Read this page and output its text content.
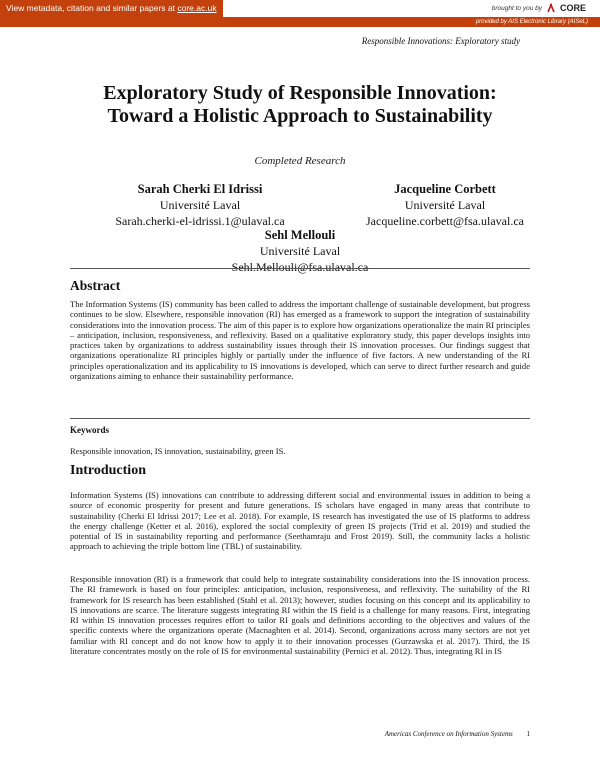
View metadata, citation and similar papers at core.ac.uk	brought to you by CORE
provided by AIS Electronic Library (AISeL)
Responsible Innovations: Exploratory study
Exploratory Study of Responsible Innovation: Toward a Holistic Approach to Sustainability
Completed Research
Sarah Cherki El Idrissi
Université Laval
Sarah.cherki-el-idrissi.1@ulaval.ca
Jacqueline Corbett
Université Laval
Jacqueline.corbett@fsa.ulaval.ca
Sehl Mellouli
Université Laval
Sehl.Mellouli@fsa.ulaval.ca
Abstract

The Information Systems (IS) community has been called to address the important challenge of sustainable development, but progress continues to be slow. Elsewhere, responsible innovation (RI) has emerged as a framework to support the integration of sustainability considerations into the innovation process. The aim of this paper is to explore how organizations operationalize the main RI principles – anticipation, inclusion, responsiveness, and reflexivity. Based on a qualitative exploratory study, this paper develops insights into practices taken by organizations to address sustainability issues through their IS innovation processes. Our findings suggest that organizations operationalize RI principles highly or partially under the influence of five factors. A new understanding of the RI principles operationalization and its applicability to IS innovations is developed, which can serve to direct further research and guide organizations aiming to enhance their sustainability performance.

Keywords

Responsible innovation, IS innovation, sustainability, green IS.

Introduction

Information Systems (IS) innovations can contribute to addressing different social and environmental issues in addition to being a source of economic prosperity for present and future generations. IS scholars have engaged in many areas that contribute to sustainability (Cherki El Idrissi 2017; Lee et al. 2018). For example, IS research has investigated the use of IS platforms to address the energy challenge (Ketter et al. 2016), explored the social complexity of green IS projects (Trid et al. 2019) and studied the potential of IS in sustainability reporting and performance (Seethamraju and Frost 2019). Still, the community lacks a holistic approach to achieving the triple bottom line (TBL) of sustainability.

Responsible innovation (RI) is a framework that could help to integrate sustainability considerations into the IS innovation process. The RI framework is based on four principles: anticipation, inclusion, responsiveness, and reflexivity. The suitability of the RI framework for IS research has been established (Stahl et al. 2013); however, studies focusing on this concept and its applicability to IS innovations are scarce. The literature suggests integrating RI within the IS field is a challenge for many reasons. First, integrating RI within IS innovation processes requires effort to tailor RI goals and definitions according to the objectives and values of the specific contexts where the organizations operate (Macnaghten et al. 2014). Second, organizations across many sectors are not yet familiar with RI concept and do not know how to apply it to their innovation processes (Gurzawska et al. 2017). Third, the IS literature concentrates mostly on the role of IS for environmental sustainability (Pernici et al. 2012). Thus, integrating RI in IS

Americas Conference on Information Systems 1
